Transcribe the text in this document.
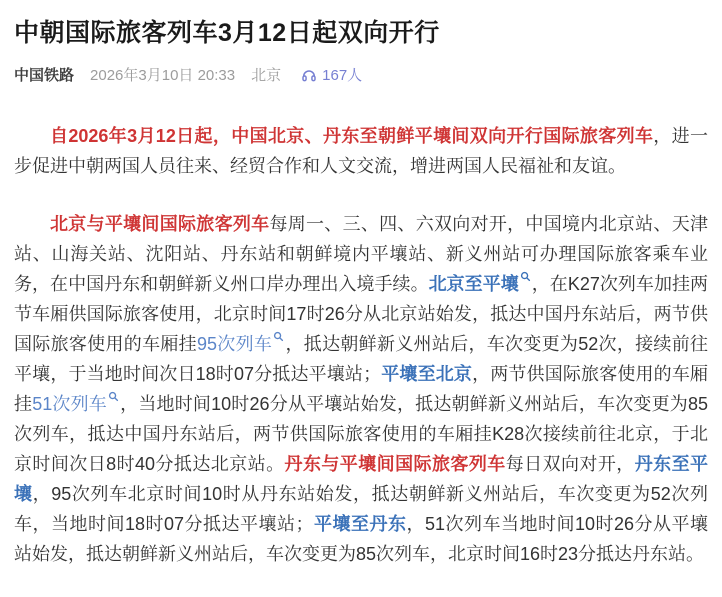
中朝国际旅客列车3月12日起双向开行
中国铁路 2026年3月10日 20:33 北京	167人

自2026年3月12日起，中国北京、丹东至朝鲜平壤间双向开行国际旅客列车，进一步促进中朝两国人员往来、经贸合作和人文交流，增进两国人民福祉和友谊。

北京与平壤间国际旅客列车每周一、三、四、六双向对开，中国境内北京站、天津站、山海关站、沈阳站、丹东站和朝鲜境内平壤站、新义州站可办理国际旅客乘车业务，在中国丹东和朝鲜新义州口岸办理出入境手续。北京至平壤 ，在K27次列车加挂两节车厢供国际旅客使用，北京时间17时26分从北京站始发，抵达中国丹东站后，两节供国际旅客使用的车厢挂95次列车 ，抵达朝鲜新义州站后，车次变更为52次，接续前往平壤，于当地时间次日18时07分抵达平壤站；平壤至北京，两节供国际旅客使用的车厢挂51次列车 ，当地时间10时26分从平壤站始发，抵达朝鲜新义州站后，车次变更为85次列车，抵达中国丹东站后，两节供国际旅客使用的车厢挂K28次接续前往北京，于北京时间次日8时40分抵达北京站。丹东与平壤间国际旅客列车每日双向对开，丹东至平壤，95次列车北京时间10时从丹东站始发，抵达朝鲜新义州站后，车次变更为52次列车，当地时间18时07分抵达平壤站；平壤至丹东，51次列车当地时间10时26分从平壤站始发，抵达朝鲜新义州站后，车次变更为85次列车，北京时间16时23分抵达丹东站。
